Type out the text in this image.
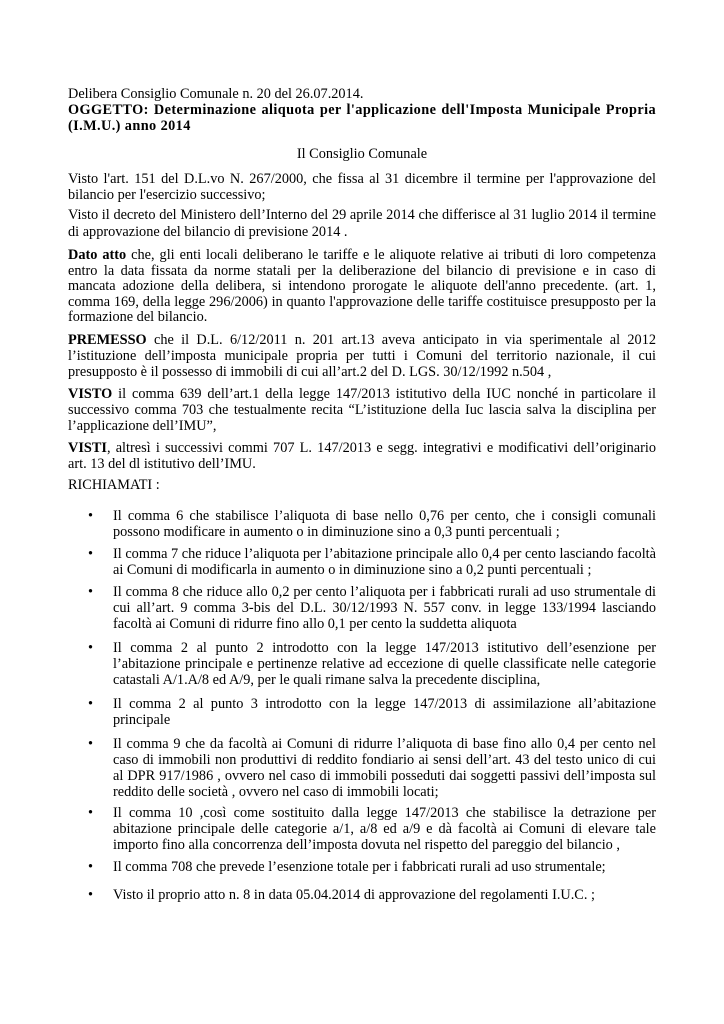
Delibera Consiglio Comunale n. 20 del 26.07.2014.

OGGETTO: Determinazione aliquota per l'applicazione dell'Imposta Municipale Propria (I.M.U.) anno 2014

Il Consiglio Comunale

Visto l'art. 151 del D.L.vo N. 267/2000, che fissa al 31 dicembre il termine per l'approvazione del bilancio per l'esercizio successivo;

Visto il decreto del Ministero dell’Interno del 29 aprile 2014 che differisce al 31 luglio 2014 il termine di approvazione del bilancio di previsione 2014 .

Dato atto che, gli enti locali deliberano le tariffe e le aliquote relative ai tributi di loro competenza entro la data fissata da norme statali per la deliberazione del bilancio di previsione e in caso di mancata adozione della delibera, si intendono prorogate le aliquote dell'anno precedente. (art. 1, comma 169, della legge 296/2006) in quanto l'approvazione delle tariffe costituisce presupposto per la formazione del bilancio.

PREMESSO che il D.L. 6/12/2011 n. 201 art.13 aveva anticipato in via sperimentale al 2012 l’istituzione dell’imposta municipale propria per tutti i Comuni del territorio nazionale, il cui presupposto è il possesso di immobili di cui all’art.2 del D. LGS. 30/12/1992 n.504 ,

VISTO il comma 639 dell’art.1 della legge 147/2013 istitutivo della IUC nonché in particolare il successivo comma 703 che testualmente recita “L’istituzione della Iuc lascia salva la disciplina per l’applicazione dell’IMU”,

VISTI, altresì i successivi commi 707 L. 147/2013 e segg. integrativi e modificativi dell’originario art. 13 del dl istitutivo dell’IMU.

RICHIAMATI :

•	Il comma 6 che stabilisce l’aliquota di base nello 0,76 per cento, che i consigli comunali possono modificare in aumento o in diminuzione sino a 0,3 punti percentuali ;
•	Il comma 7 che riduce l’aliquota per l’abitazione principale allo 0,4 per cento lasciando facoltà ai Comuni di modificarla in aumento o in diminuzione sino a 0,2 punti percentuali ;
•	Il comma 8 che riduce allo 0,2 per cento l’aliquota per i fabbricati rurali ad uso strumentale di cui all’art. 9 comma 3-bis del D.L. 30/12/1993 N. 557 conv. in legge 133/1994 lasciando facoltà ai Comuni di ridurre fino allo 0,1 per cento la suddetta aliquota
•	Il comma 2 al punto 2 introdotto con la legge 147/2013 istitutivo dell’esenzione per l’abitazione principale e pertinenze relative ad eccezione di quelle classificate nelle categorie catastali A/1.A/8 ed A/9, per le quali rimane salva la precedente disciplina,
•	Il comma 2 al punto 3 introdotto con la legge 147/2013 di assimilazione all’abitazione principale
•	Il comma 9 che da facoltà ai Comuni di ridurre l’aliquota di base fino allo 0,4 per cento nel caso di immobili non produttivi di reddito fondiario ai sensi dell’art. 43 del testo unico di cui al DPR 917/1986 , ovvero nel caso di immobili posseduti dai soggetti passivi dell’imposta sul reddito delle società , ovvero nel caso di immobili locati;
•	Il comma 10 ,così come sostituito dalla legge 147/2013 che stabilisce la detrazione per abitazione principale delle categorie a/1, a/8 ed a/9 e dà facoltà ai Comuni di elevare tale importo fino alla concorrenza dell’imposta dovuta nel rispetto del pareggio del bilancio ,
•	Il comma 708 che prevede l’esenzione totale per i fabbricati rurali ad uso strumentale;
•	Visto il proprio atto n. 8 in data 05.04.2014 di approvazione del regolamenti I.U.C. ;
